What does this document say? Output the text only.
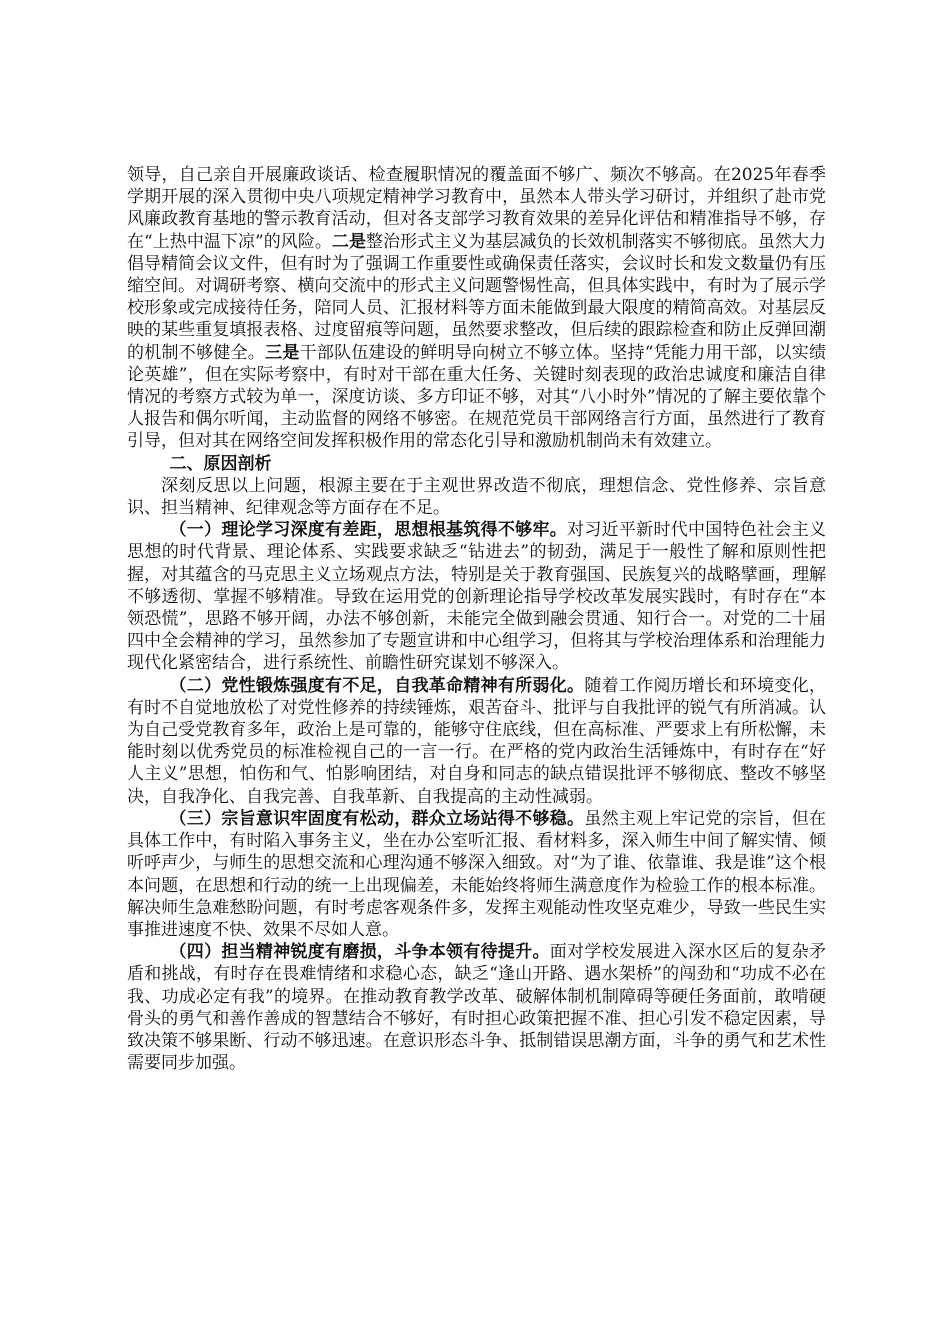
领导，自己亲自开展廉政谈话、检查履职情况的覆盖面不够广、频次不够高。在2025年春季学期开展的深入贯彻中央八项规定精神学习教育中，虽然本人带头学习研讨，并组织了赴市党风廉政教育基地的警示教育活动，但对各支部学习教育效果的差异化评估和精准指导不够，存在“上热中温下凉”的风险。二是整治形式主义为基层减负的长效机制落实不够彻底。虽然大力倡导精简会议文件，但有时为了强调工作重要性或确保责任落实，会议时长和发文数量仍有压缩空间。对调研考察、横向交流中的形式主义问题警惕性高，但具体实践中，有时为了展示学校形象或完成接待任务，陪同人员、汇报材料等方面未能做到最大限度的精简高效。对基层反映的某些重复填报表格、过度留痕等问题，虽然要求整改，但后续的跟踪检查和防止反弹回潮的机制不够健全。三是干部队伍建设的鲜明导向树立不够立体。坚持“凭能力用干部，以实绩论英雄”，但在实际考察中，有时对干部在重大任务、关键时刻表现的政治忠诚度和廉洁自律情况的考察方式较为单一，深度访谈、多方印证不够，对其“八小时外”情况的了解主要依靠个人报告和偶尔听闻，主动监督的网络不够密。在规范党员干部网络言行方面，虽然进行了教育引导，但对其在网络空间发挥积极作用的常态化引导和激励机制尚未有效建立。

二、原因剖析

深刻反思以上问题，根源主要在于主观世界改造不彻底，理想信念、党性修养、宗旨意识、担当精神、纪律观念等方面存在不足。

（一）理论学习深度有差距，思想根基筑得不够牢。对习近平新时代中国特色社会主义思想的时代背景、理论体系、实践要求缺乏“钻进去”的韧劲，满足于一般性了解和原则性把握，对其蕴含的马克思主义立场观点方法，特别是关于教育强国、民族复兴的战略擘画，理解不够透彻、掌握不够精准。导致在运用党的创新理论指导学校改革发展实践时，有时存在“本领恐慌”，思路不够开阔，办法不够创新，未能完全做到融会贯通、知行合一。对党的二十届四中全会精神的学习，虽然参加了专题宣讲和中心组学习，但将其与学校治理体系和治理能力现代化紧密结合，进行系统性、前瞻性研究谋划不够深入。

（二）党性锻炼强度有不足，自我革命精神有所弱化。随着工作阅历增长和环境变化，有时不自觉地放松了对党性修养的持续锤炼，艰苦奋斗、批评与自我批评的锐气有所消减。认为自己受党教育多年，政治上是可靠的，能够守住底线，但在高标准、严要求上有所松懈，未能时刻以优秀党员的标准检视自己的一言一行。在严格的党内政治生活锤炼中，有时存在“好人主义”思想，怕伤和气、怕影响团结，对自身和同志的缺点错误批评不够彻底、整改不够坚决，自我净化、自我完善、自我革新、自我提高的主动性减弱。

（三）宗旨意识牢固度有松动，群众立场站得不够稳。虽然主观上牢记党的宗旨，但在具体工作中，有时陷入事务主义，坐在办公室听汇报、看材料多，深入师生中间了解实情、倾听呼声少，与师生的思想交流和心理沟通不够深入细致。对“为了谁、依靠谁、我是谁”这个根本问题，在思想和行动的统一上出现偏差，未能始终将师生满意度作为检验工作的根本标准。解决师生急难愁盼问题，有时考虑客观条件多，发挥主观能动性攻坚克难少，导致一些民生实事推进速度不快、效果不尽如人意。

（四）担当精神锐度有磨损，斗争本领有待提升。面对学校发展进入深水区后的复杂矛盾和挑战，有时存在畏难情绪和求稳心态，缺乏“逢山开路、遇水架桥”的闯劲和“功成不必在我、功成必定有我”的境界。在推动教育教学改革、破解体制机制障碍等硬任务面前，敢啃硬骨头的勇气和善作善成的智慧结合不够好，有时担心政策把握不准、担心引发不稳定因素，导致决策不够果断、行动不够迅速。在意识形态斗争、抵制错误思潮方面，斗争的勇气和艺术性需要同步加强。
